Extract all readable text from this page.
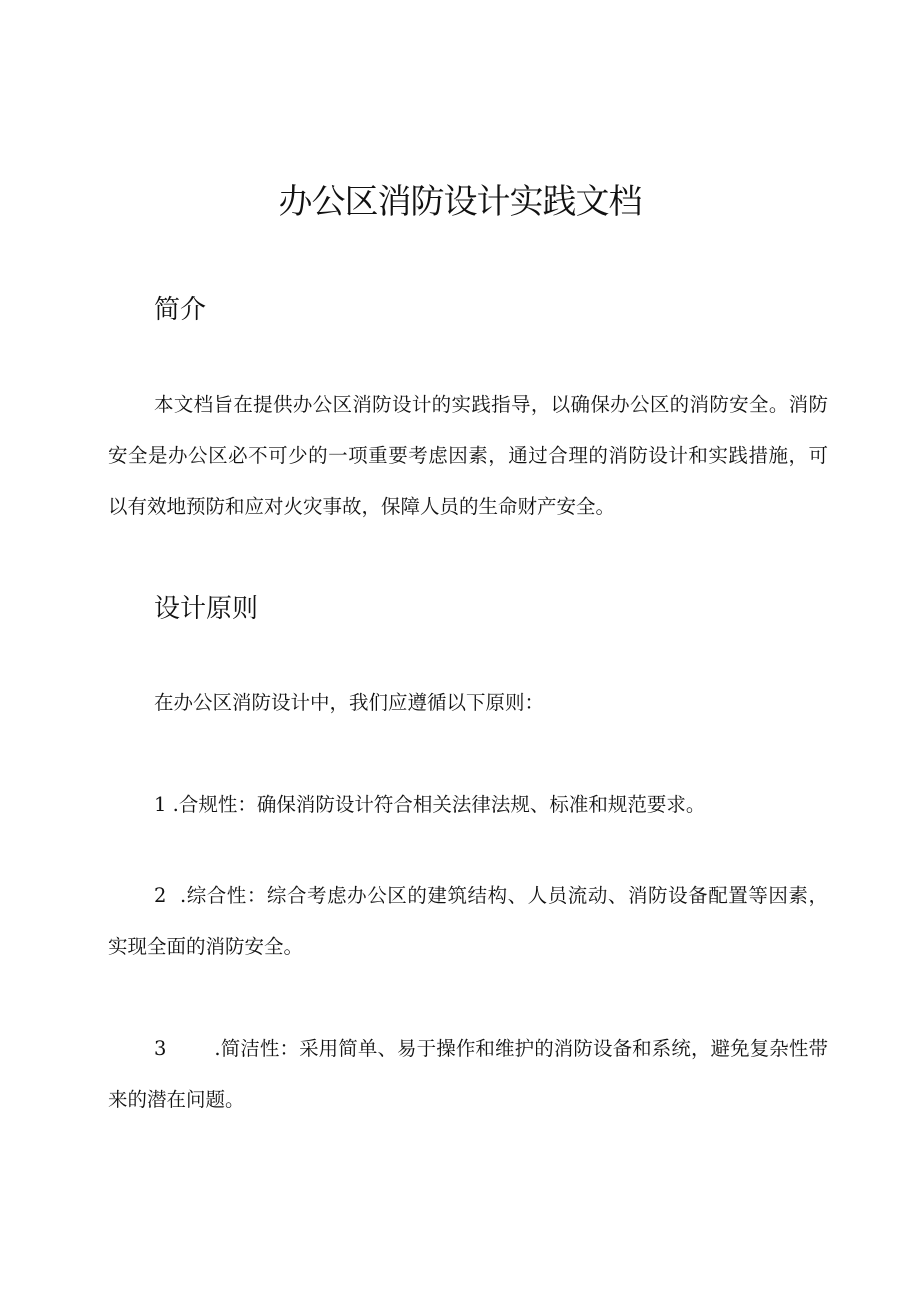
办公区消防设计实践文档
简介

本文档旨在提供办公区消防设计的实践指导，以确保办公区的消防安全。消防安全是办公区必不可少的一项重要考虑因素，通过合理的消防设计和实践措施，可以有效地预防和应对火灾事故，保障人员的生命财产安全。

设计原则

在办公区消防设计中，我们应遵循以下原则：

1 .合规性：确保消防设计符合相关法律法规、标准和规范要求。

2 .综合性：综合考虑办公区的建筑结构、人员流动、消防设备配置等因素，实现全面的消防安全。

3 .简洁性：采用简单、易于操作和维护的消防设备和系统，避免复杂性带来的潜在问题。
